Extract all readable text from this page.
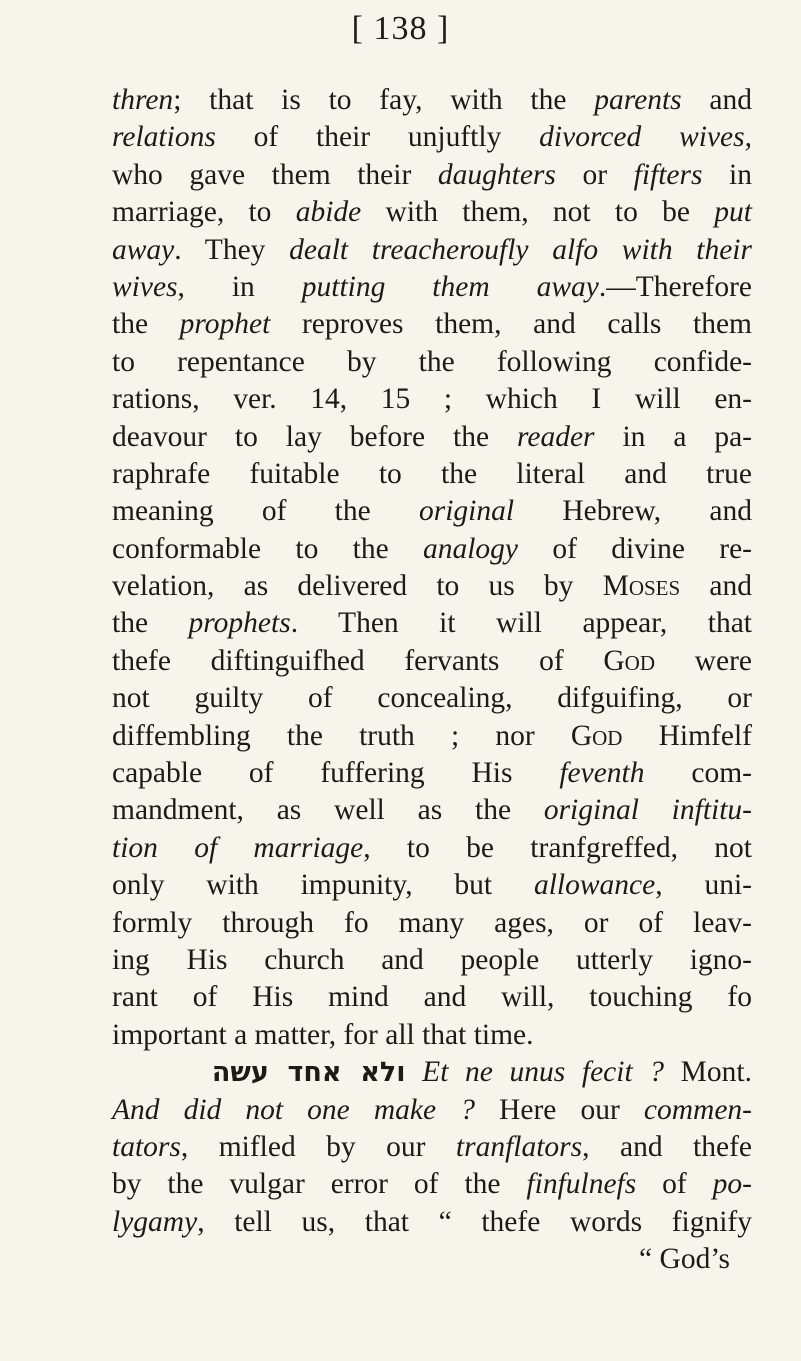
[ 138 ]
thren; that is to fay, with the parents and
relations of their unjuftly divorced wives,
who gave them their daughters or fifters in
marriage, to abide with them, not to be put
away. They dealt treacheroufly alfo with their
wives, in putting them away.—Therefore
the prophet reproves them, and calls them
to repentance by the following confide-
rations, ver. 14, 15 ; which I will en-
deavour to lay before the reader in a pa-
raphrafe fuitable to the literal and true
meaning of the original Hebrew, and
conformable to the analogy of divine re-
velation, as delivered to us by Moses and
the prophets. Then it will appear, that
thefe diftinguifhed fervants of God were
not guilty of concealing, difguifing, or
diffembling the truth ; nor God Himfelf
capable of fuffering His feventh com-
mandment, as well as the original inftitu-
tion of marriage, to be tranfgreffed, not
only with impunity, but allowance, uni-
formly through fo many ages, or of leav-
ing His church and people utterly igno-
rant of His mind and will, touching fo
important a matter, for all that time.
ולא אחד עשה Et ne unus fecit ? Mont.
And did not one make ? Here our commen-
tators, mifled by our tranflators, and thefe
by the vulgar error of the finfulnefs of po-
lygamy, tell us, that “ thefe words fignify
“ God’s
